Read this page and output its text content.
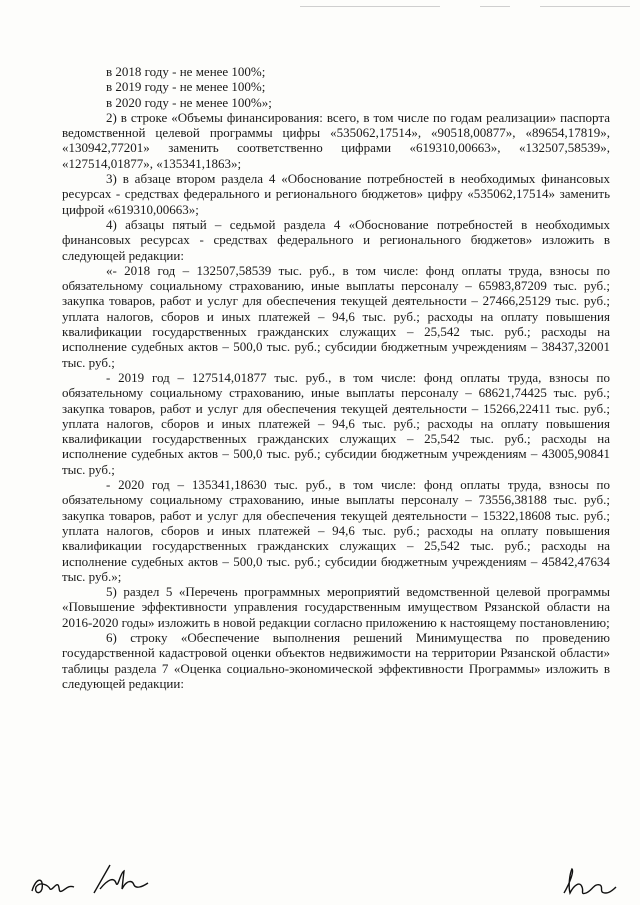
в 2018 году - не менее 100%;

в 2019 году - не менее 100%;

в 2020 году - не менее 100%»;

2) в строке «Объемы финансирования: всего, в том числе по годам реализации» паспорта ведомственной целевой программы цифры «535062,17514», «90518,00877», «89654,17819», «130942,77201» заменить соответственно цифрами «619310,00663», «132507,58539», «127514,01877», «135341,1863»;

3) в абзаце втором раздела 4 «Обоснование потребностей в необходимых финансовых ресурсах - средствах федерального и регионального бюджетов» цифру «535062,17514» заменить цифрой «619310,00663»;

4) абзацы пятый – седьмой раздела 4 «Обоснование потребностей в необходимых финансовых ресурсах - средствах федерального и регионального бюджетов» изложить в следующей редакции:

«- 2018 год – 132507,58539 тыс. руб., в том числе: фонд оплаты труда, взносы по обязательному социальному страхованию, иные выплаты персоналу – 65983,87209 тыс. руб.; закупка товаров, работ и услуг для обеспечения текущей деятельности – 27466,25129 тыс. руб.; уплата налогов, сборов и иных платежей – 94,6 тыс. руб.; расходы на оплату повышения квалификации государственных гражданских служащих – 25,542 тыс. руб.; расходы на исполнение судебных актов – 500,0 тыс. руб.; субсидии бюджетным учреждениям – 38437,32001 тыс. руб.;

- 2019 год – 127514,01877 тыс. руб., в том числе: фонд оплаты труда, взносы по обязательному социальному страхованию, иные выплаты персоналу – 68621,74425 тыс. руб.; закупка товаров, работ и услуг для обеспечения текущей деятельности – 15266,22411 тыс. руб.; уплата налогов, сборов и иных платежей – 94,6 тыс. руб.; расходы на оплату повышения квалификации государственных гражданских служащих – 25,542 тыс. руб.; расходы на исполнение судебных актов – 500,0 тыс. руб.; субсидии бюджетным учреждениям – 43005,90841 тыс. руб.;

- 2020 год – 135341,18630 тыс. руб., в том числе: фонд оплаты труда, взносы по обязательному социальному страхованию, иные выплаты персоналу – 73556,38188 тыс. руб.; закупка товаров, работ и услуг для обеспечения текущей деятельности – 15322,18608 тыс. руб.; уплата налогов, сборов и иных платежей – 94,6 тыс. руб.; расходы на оплату повышения квалификации государственных гражданских служащих – 25,542 тыс. руб.; расходы на исполнение судебных актов – 500,0 тыс. руб.; субсидии бюджетным учреждениям – 45842,47634 тыс. руб.»;

5) раздел 5 «Перечень программных мероприятий ведомственной целевой программы «Повышение эффективности управления государственным имуществом Рязанской области на 2016-2020 годы» изложить в новой редакции согласно приложению к настоящему постановлению;

6) строку «Обеспечение выполнения решений Минимущества по проведению государственной кадастровой оценки объектов недвижимости на территории Рязанской области» таблицы раздела 7 «Оценка социально-экономической эффективности Программы» изложить в следующей редакции:
